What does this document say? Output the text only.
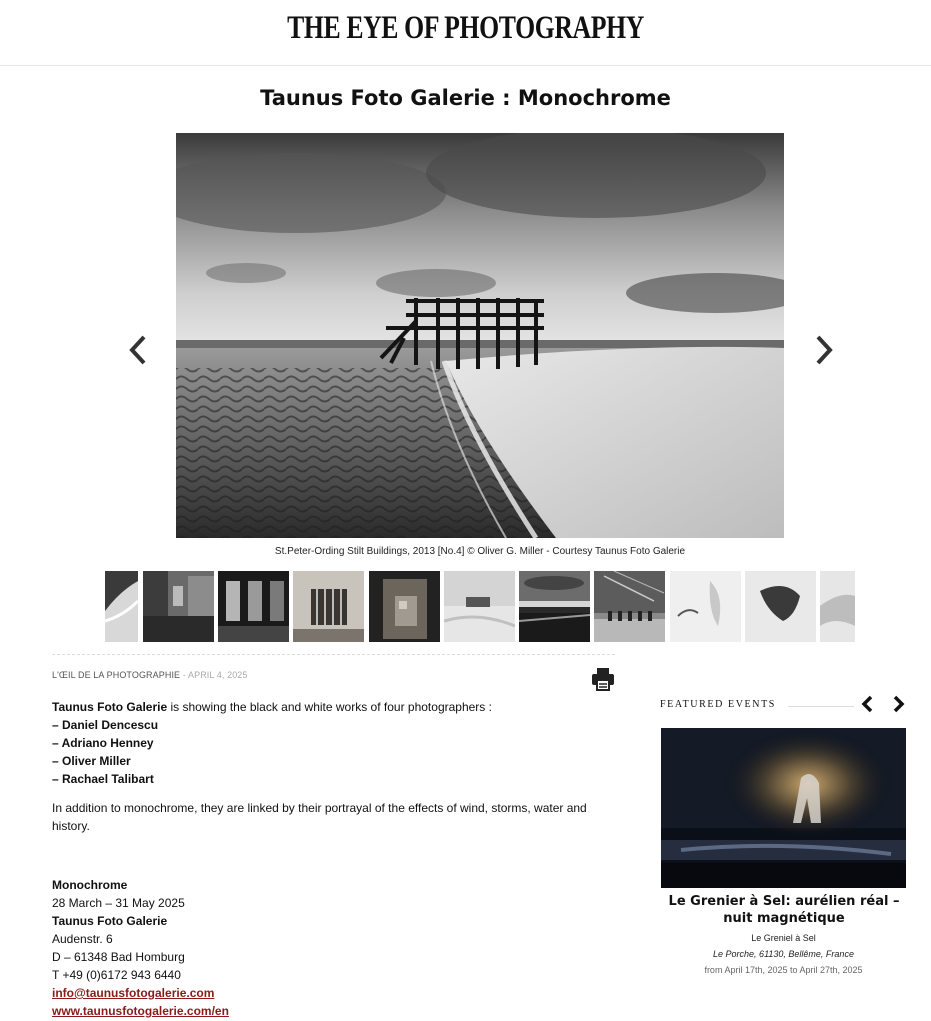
THE EYE OF PHOTOGRAPHY
Taunus Foto Galerie : Monochrome
St.Peter-Ording Stilt Buildings, 2013 [No.4] © Oliver G. Miller - Courtesy Taunus Foto Galerie
L'ŒIL DE LA PHOTOGRAPHIE - APRIL 4, 2025

Taunus Foto Galerie is showing the black and white works of four photographers :

– Daniel Dencescu
– Adriano Henney
– Oliver Miller
– Rachael Talibart

In addition to monochrome, they are linked by their portrayal of the effects of wind, storms, water and history.

Monochrome
28 March – 31 May 2025
Taunus Foto Galerie
Audenstr. 6
D – 61348 Bad Homburg
T +49 (0)6172 943 6440
info@taunusfotogalerie.com
www.taunusfotogalerie.com/en

FEATURED EVENTS
Le Grenier à Sel: aurélien réal – nuit magnétique
Le Greniel à Sel
Le Porche, 61130, Bellême, France
from April 17th, 2025 to April 27th, 2025
